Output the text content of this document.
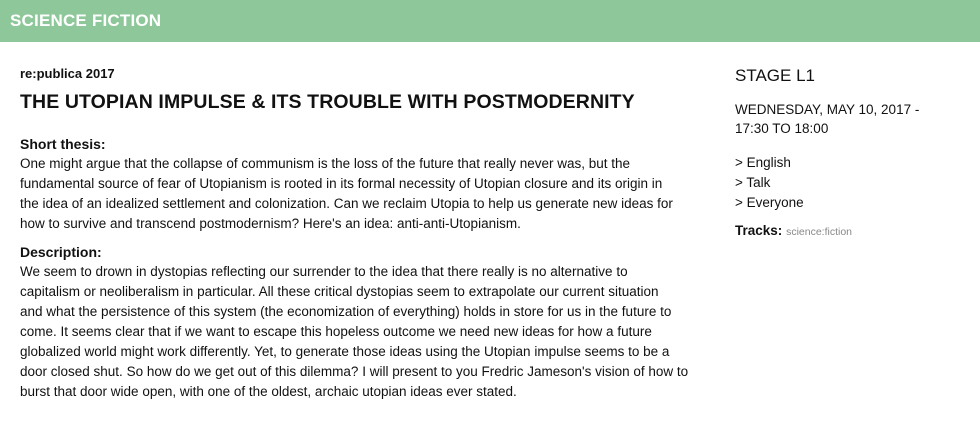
SCIENCE FICTION
re:publica 2017
THE UTOPIAN IMPULSE & ITS TROUBLE WITH POSTMODERNITY
Short thesis:
One might argue that the collapse of communism is the loss of the future that really never was, but the
fundamental source of fear of Utopianism is rooted in its formal necessity of Utopian closure and its origin in
the idea of an idealized settlement and colonization. Can we reclaim Utopia to help us generate new ideas for
how to survive and transcend postmodernism? Here's an idea: anti-anti-Utopianism.
Description:
We seem to drown in dystopias reflecting our surrender to the idea that there really is no alternative to
capitalism or neoliberalism in particular. All these critical dystopias seem to extrapolate our current situation
and what the persistence of this system (the economization of everything) holds in store for us in the future to
come. It seems clear that if we want to escape this hopeless outcome we need new ideas for how a future
globalized world might work differently. Yet, to generate those ideas using the Utopian impulse seems to be a
door closed shut. So how do we get out of this dilemma? I will present to you Fredric Jameson's vision of how to
burst that door wide open, with one of the oldest, archaic utopian ideas ever stated.
STAGE L1
WEDNESDAY, MAY 10, 2017 -
17:30 TO 18:00
> English
> Talk
> Everyone
Tracks: science:fiction
